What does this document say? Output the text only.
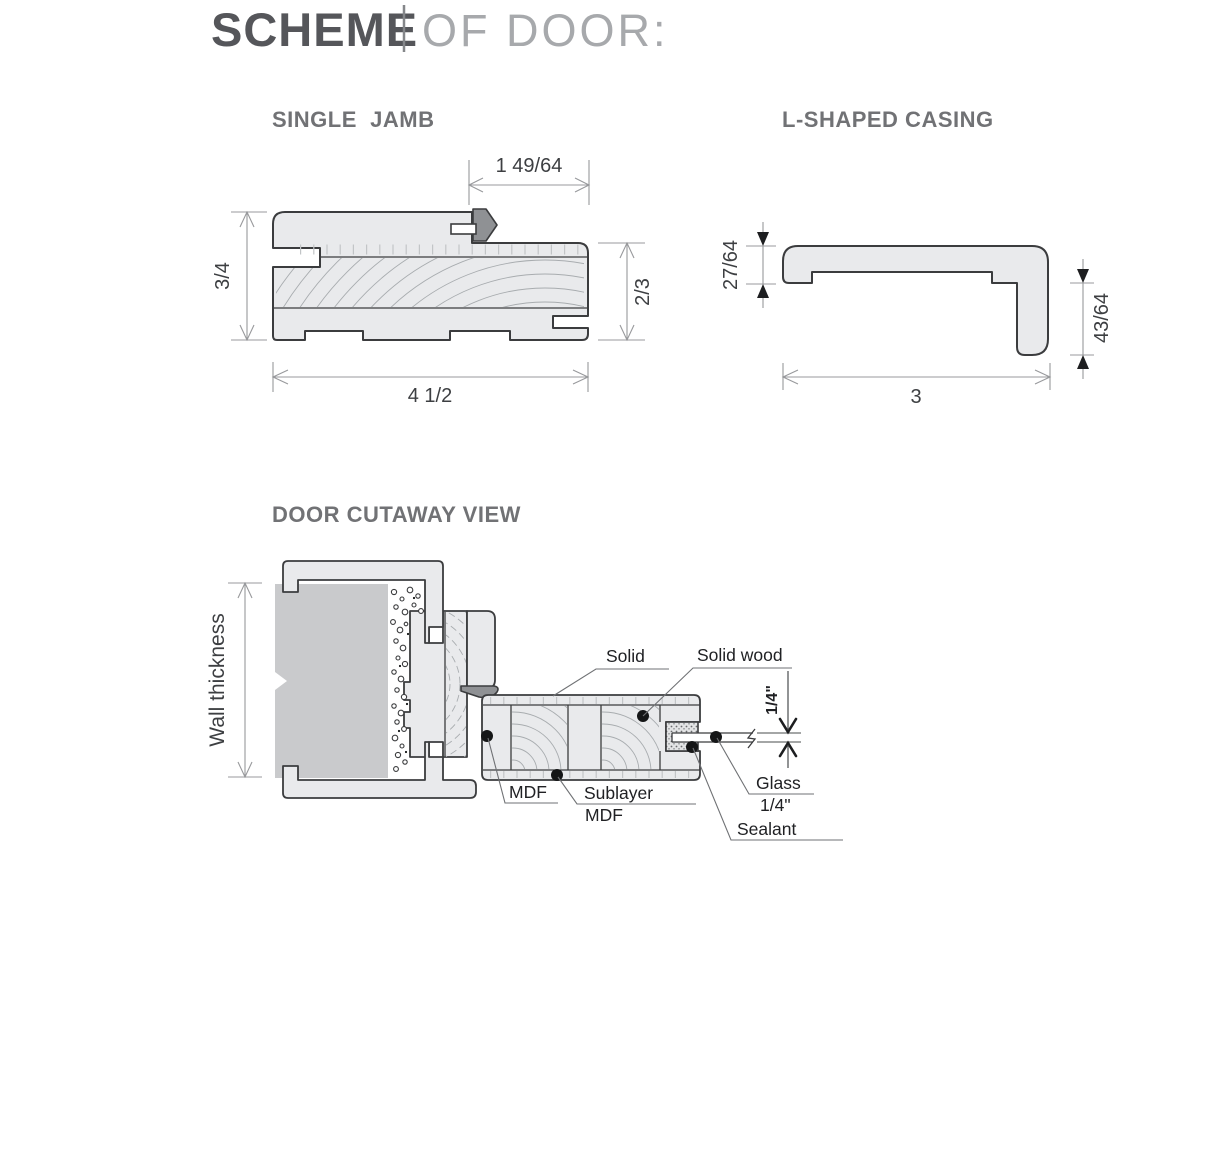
SCHEME OF DOOR:
SINGLE  JAMB
1 49/64
3/4
2/3
4 1/2
L-SHAPED CASING
27/64
43/64
3
DOOR CUTAWAY VIEW
Wall thickness	1/4"
Solid	Solid wood
MDF Sublayer
MDF
Glass
1/4"
Sealant
